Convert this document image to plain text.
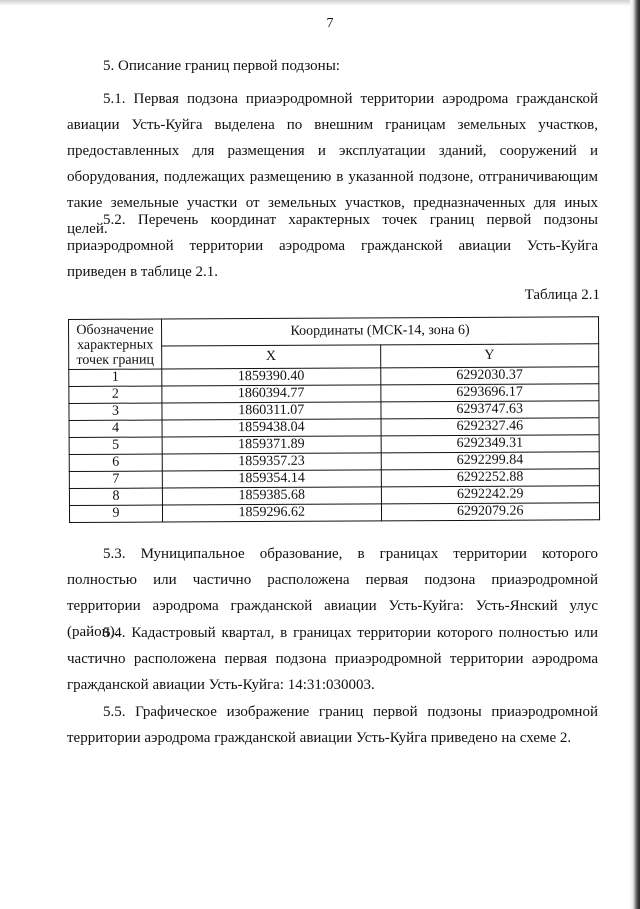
7
5. Описание границ первой подзоны:
5.1. Первая подзона приаэродромной территории аэродрома гражданской авиации Усть-Куйга выделена по внешним границам земельных участков, предоставленных для размещения и эксплуатации зданий, сооружений и оборудования, подлежащих размещению в указанной подзоне, отграничивающим такие земельные участки от земельных участков, предназначенных для иных целей.
5.2. Перечень координат характерных точек границ первой подзоны приаэродромной территории аэродрома гражданской авиации Усть-Куйга приведен в таблице 2.1.
Таблица 2.1
Обозначение характерных точек границ	Координаты (МСК-14, зона 6)	
	X	Y
1	1859390.40	6292030.37
2	1860394.77	6293696.17
3	1860311.07	6293747.63
4	1859438.04	6292327.46
5	1859371.89	6292349.31
6	1859357.23	6292299.84
7	1859354.14	6292252.88
8	1859385.68	6292242.29
9	1859296.62	6292079.26
5.3. Муниципальное образование, в границах территории которого полностью или частично расположена первая подзона приаэродромной территории аэродрома гражданской авиации Усть-Куйга: Усть-Янский улус (район).
5.4. Кадастровый квартал, в границах территории которого полностью или частично расположена первая подзона приаэродромной территории аэродрома гражданской авиации Усть-Куйга: 14:31:030003.
5.5. Графическое изображение границ первой подзоны приаэродромной территории аэродрома гражданской авиации Усть-Куйга приведено на схеме 2.
